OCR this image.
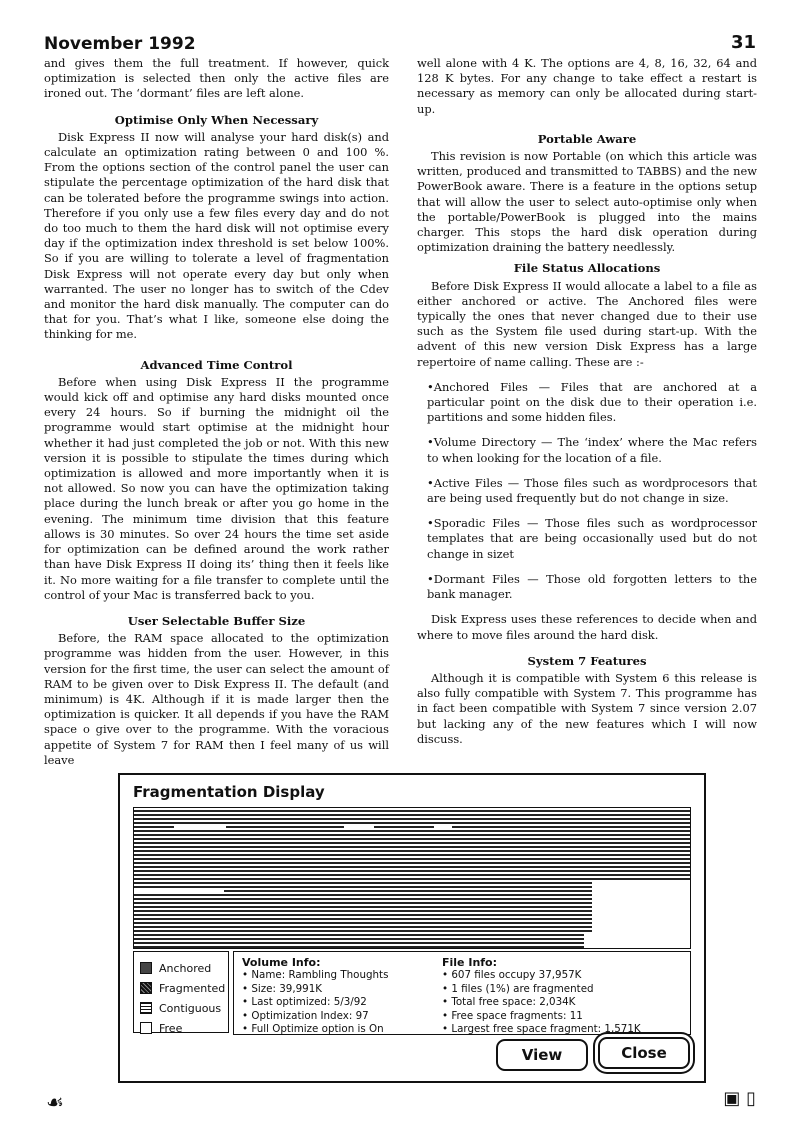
November 1992	31

and gives them the full treatment. If however, quick optimization is selected then only the active files are ironed out. The ‘dormant’ files are left alone.

Optimise Only When Necessary

Disk Express II now will analyse your hard disk(s) and calculate an optimization rating between 0 and 100 %. From the options section of the control panel the user can stipulate the percentage optimization of the hard disk that can be tolerated before the programme swings into action. Therefore if you only use a few files every day and do not do too much to them the hard disk will not optimise every day if the optimization index threshold is set below 100%. So if you are willing to tolerate a level of fragmentation Disk Express will not operate every day but only when warranted. The user no longer has to switch of the Cdev and monitor the hard disk manually. The computer can do that for you. That’s what I like, someone else doing the thinking for me.

Advanced Time Control

Before when using Disk Express II the programme would kick off and optimise any hard disks mounted once every 24 hours. So if burning the midnight oil the programme would start optimise at the midnight hour whether it had just completed the job or not. With this new version it is possible to stipulate the times during which optimization is allowed and more importantly when it is not allowed. So now you can have the optimization taking place during the lunch break or after you go home in the evening. The minimum time division that this feature allows is 30 minutes. So over 24 hours the time set aside for optimization can be defined around the work rather than have Disk Express II doing its’ thing then it feels like it. No more waiting for a file transfer to complete until the control of your Mac is transferred back to you.

User Selectable Buffer Size

Before, the RAM space allocated to the optimization programme was hidden from the user. However, in this version for the first time, the user can select the amount of RAM to be given over to Disk Express II. The default (and minimum) is 4K. Although if it is made larger then the optimization is quicker. It all depends if you have the RAM space o give over to the programme. With the voracious appetite of System 7 for RAM then I feel many of us will leave

well alone with 4 K. The options are 4, 8, 16, 32, 64 and 128 K bytes. For any change to take effect a restart is necessary as memory can only be allocated during start-up.

Portable Aware

This revision is now Portable (on which this article was written, produced and transmitted to TABBS) and the new PowerBook aware. There is a feature in the options setup that will allow the user to select auto-optimise only when the portable/PowerBook is plugged into the mains charger. This stops the hard disk operation during optimization draining the battery needlessly.

File Status Allocations

Before Disk Express II would allocate a label to a file as either anchored or active. The Anchored files were typically the ones that never changed due to their use such as the System file used during start-up. With the advent of this new version Disk Express has a large repertoire of name calling. These are :-

•Anchored Files — Files that are anchored at a particular point on the disk due to their operation i.e. partitions and some hidden files.

•Volume Directory — The ‘index’ where the Mac refers to when looking for the location of a file.

•Active Files — Those files such as wordprocesors that are being used frequently but do not change in size.

•Sporadic Files — Those files such as wordprocessor templates that are being occasionally used but do not change in sizet

•Dormant Files — Those old forgotten letters to the bank manager.

Disk Express uses these references to decide when and where to move files around the hard disk.

System 7 Features

Although it is compatible with System 6 this release is also fully compatible with System 7. This programme has in fact been compatible with System 7 since version 2.07 but lacking any of the new features which I will now discuss.

Fragmentation Display
Anchored
Fragmented
Contiguous
Free
Volume Info:
• Name: Rambling Thoughts
• Size: 39,991K
• Last optimized: 5/3/92
• Optimization Index: 97
• Full Optimize option is On
File Info:
• 607 files occupy 37,957K
• 1 files (1%) are fragmented
• Total free space: 2,034K
• Free space fragments: 11
• Largest free space fragment: 1,571K
View	Close
☙	▣ ▯
